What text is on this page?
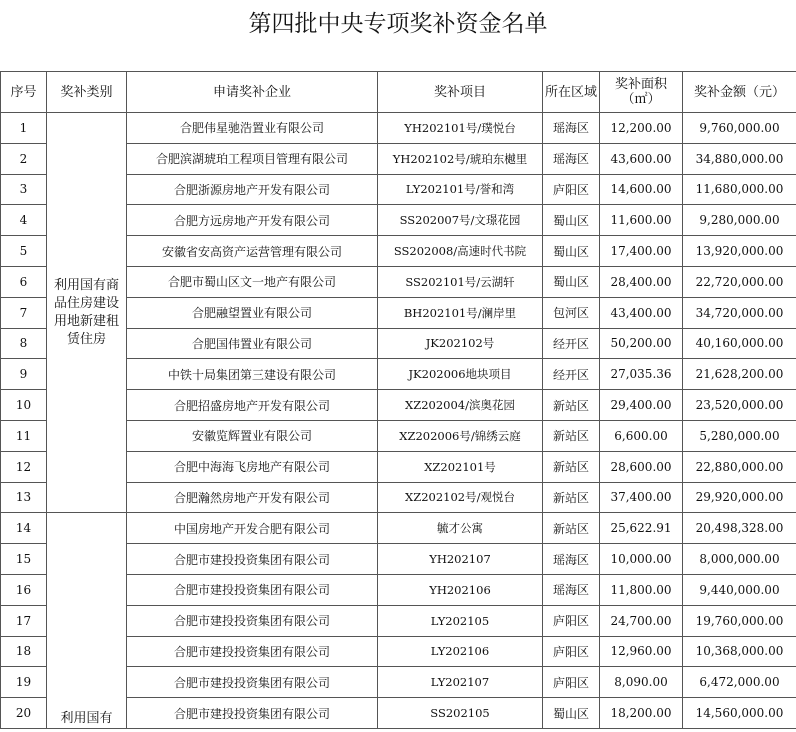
第四批中央专项奖补资金名单
序号	奖补类别	申请奖补企业	奖补项目	所在区域	奖补面积（㎡）	奖补金额（元）
1	利用国有商品住房建设用地新建租赁住房	合肥伟星驰浩置业有限公司	YH202101号/璞悦台	瑶海区	12,200.00	9,760,000.00
2		合肥滨湖琥珀工程项目管理有限公司	YH202102号/琥珀东樾里	瑶海区	43,600.00	34,880,000.00
3		合肥浙源房地产开发有限公司	LY202101号/誉和湾	庐阳区	14,600.00	11,680,000.00
4		合肥方远房地产开发有限公司	SS202007号/文璟花园	蜀山区	11,600.00	9,280,000.00
5		安徽省安高资产运营管理有限公司	SS202008/高速时代书院	蜀山区	17,400.00	13,920,000.00
6		合肥市蜀山区文一地产有限公司	SS202101号/云湖轩	蜀山区	28,400.00	22,720,000.00
7		合肥融望置业有限公司	BH202101号/澜岸里	包河区	43,400.00	34,720,000.00
8		合肥国伟置业有限公司	JK202102号	经开区	50,200.00	40,160,000.00
9		中铁十局集团第三建设有限公司	JK202006地块项目	经开区	27,035.36	21,628,200.00
10		合肥招盛房地产开发有限公司	XZ202004/滨奥花园	新站区	29,400.00	23,520,000.00
11		安徽览辉置业有限公司	XZ202006号/锦绣云庭	新站区	6,600.00	5,280,000.00
12		合肥中海海飞房地产有限公司	XZ202101号	新站区	28,600.00	22,880,000.00
13		合肥瀚然房地产开发有限公司	XZ202102号/观悦台	新站区	37,400.00	29,920,000.00
14	利用国有	中国房地产开发合肥有限公司	毓才公寓	新站区	25,622.91	20,498,328.00
15		合肥市建投投资集团有限公司	YH202107	瑶海区	10,000.00	8,000,000.00
16		合肥市建投投资集团有限公司	YH202106	瑶海区	11,800.00	9,440,000.00
17		合肥市建投投资集团有限公司	LY202105	庐阳区	24,700.00	19,760,000.00
18		合肥市建投投资集团有限公司	LY202106	庐阳区	12,960.00	10,368,000.00
19		合肥市建投投资集团有限公司	LY202107	庐阳区	8,090.00	6,472,000.00
20		合肥市建投投资集团有限公司	SS202105	蜀山区	18,200.00	14,560,000.00
